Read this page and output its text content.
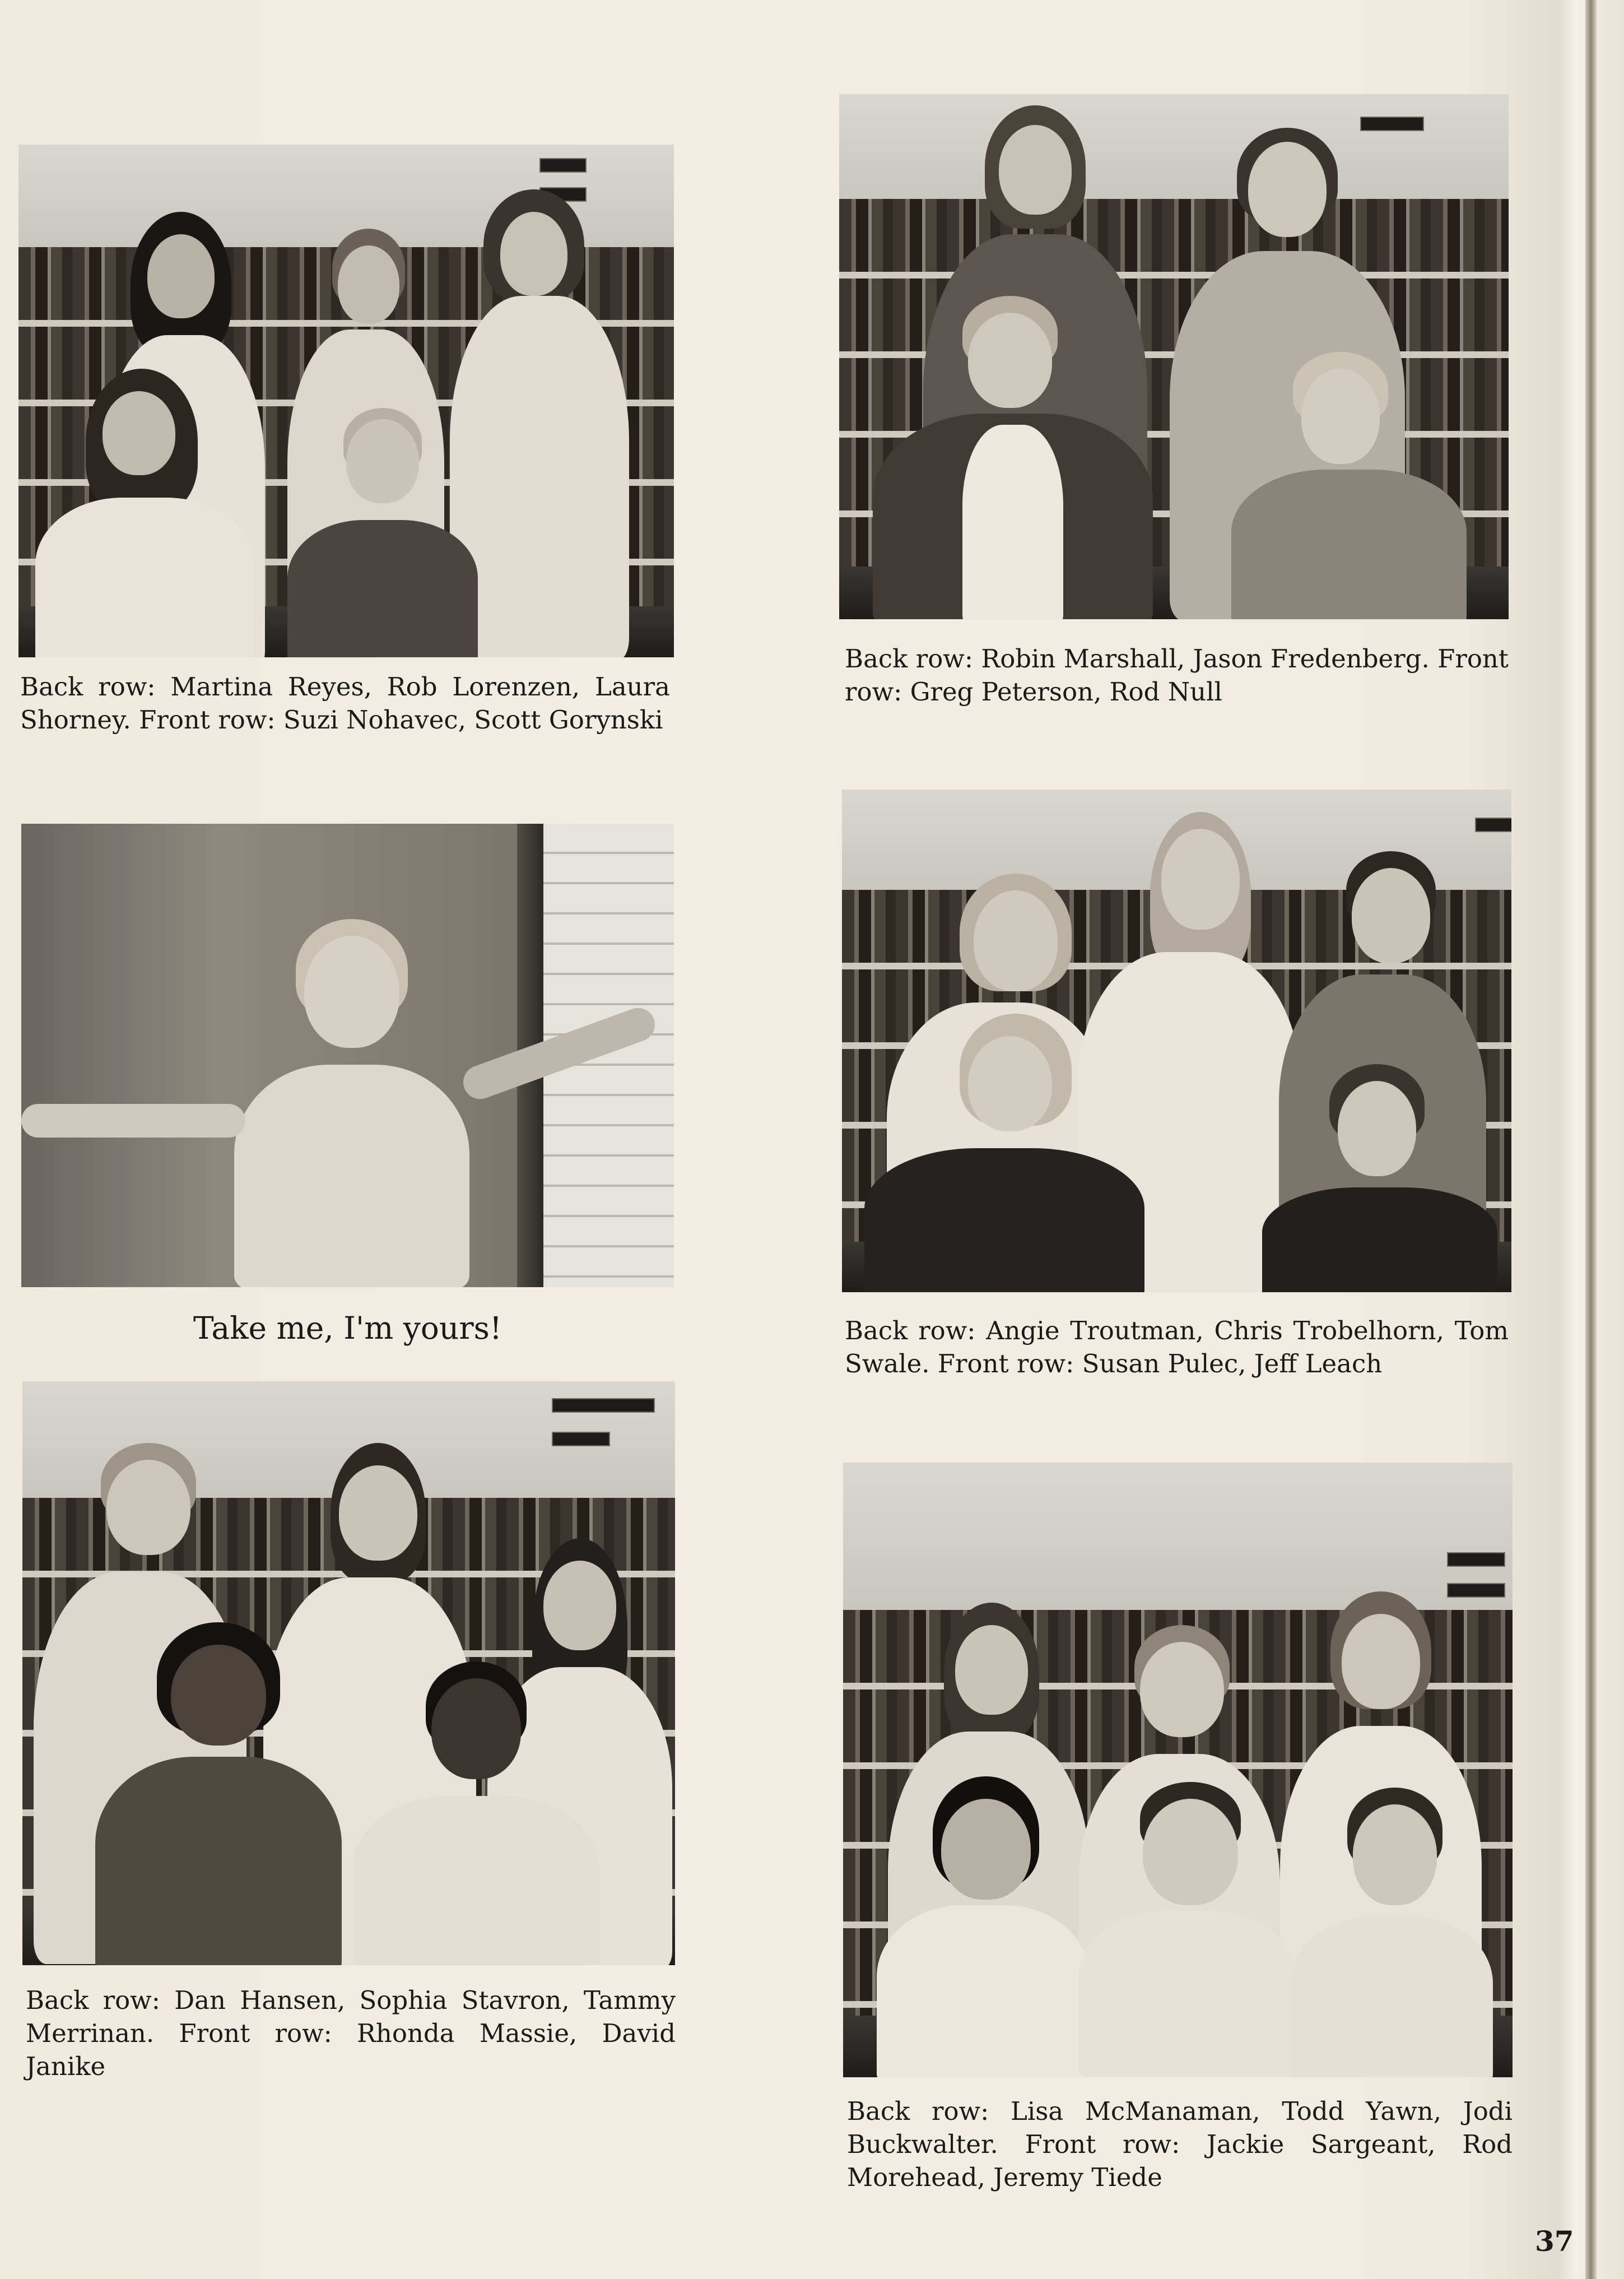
Back row: Martina Reyes, Rob Lorenzen, Laura Shorney. Front row: Suzi Nohavec, Scott Gorynski

Back row: Robin Marshall, Jason Fredenberg. Front row: Greg Peterson, Rod Null

Take me, I'm yours!	Back row: Angie Troutman, Chris Trobelhorn, Tom Swale. Front row: Susan Pulec, Jeff Leach

Back row: Dan Hansen, Sophia Stavron, Tammy Merrinan. Front row: Rhonda Massie, David Janike

Back row: Lisa McManaman, Todd Yawn, Jodi Buckwalter. Front row: Jackie Sargeant, Rod Morehead, Jeremy Tiede

37
